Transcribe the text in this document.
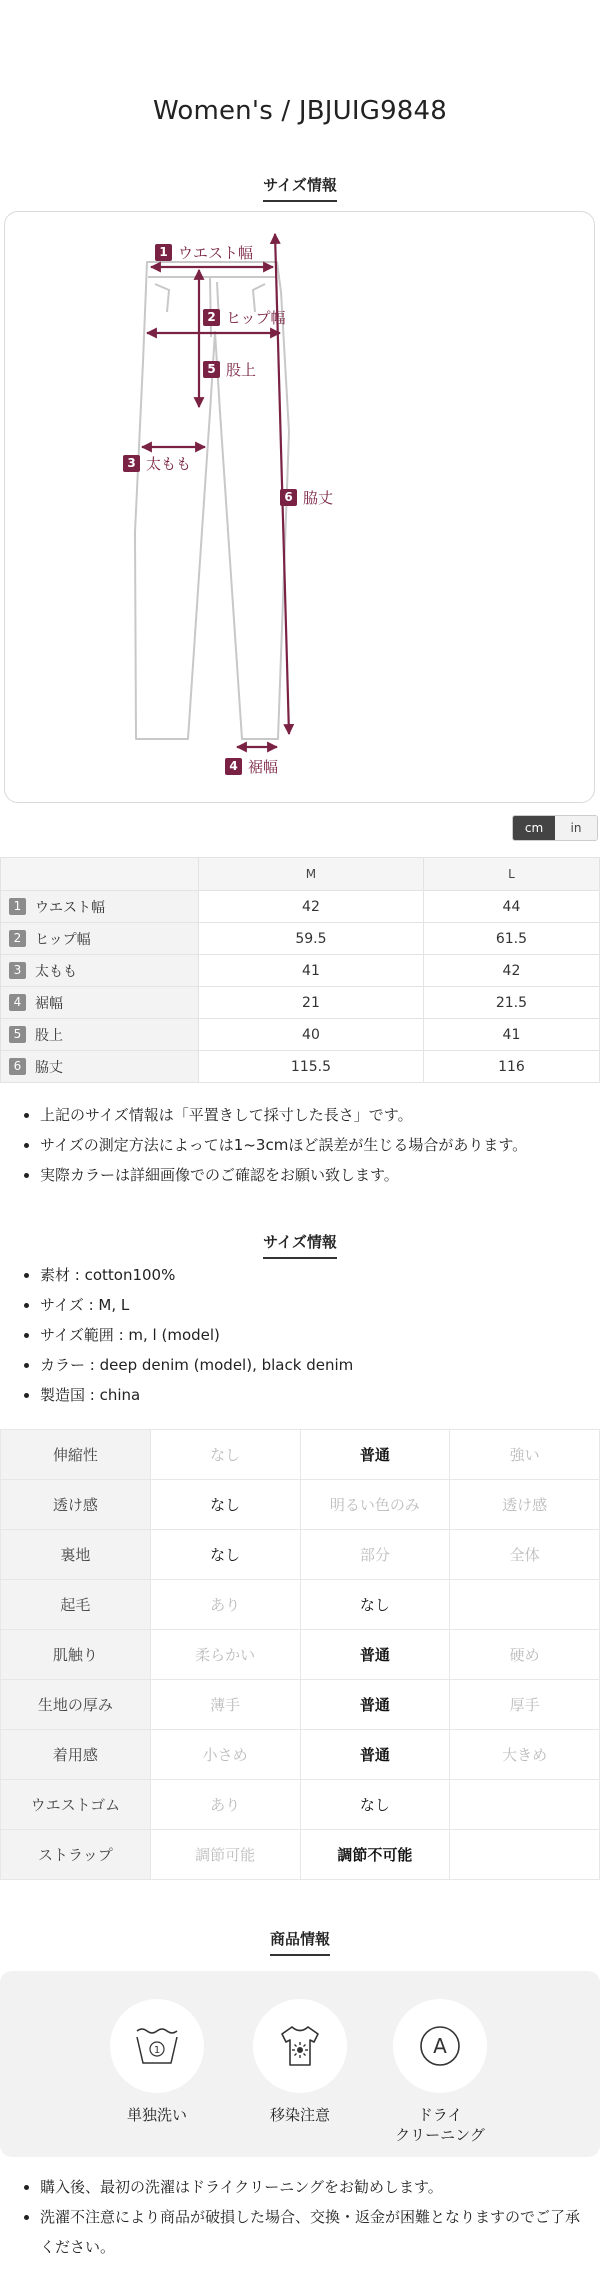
Women's / JBJUIG9848
サイズ情報
1 ウエスト幅
2 ヒップ幅
5 股上
3 太もも
6 脇丈
4 裾幅
cm	in
	M	L
1 ウエスト幅	42	44
2 ヒップ幅	59.5	61.5
3 太もも	41	42
4 裾幅	21	21.5
5 股上	40	41
6 脇丈	115.5	116
• 上記のサイズ情報は「平置きして採寸した長さ」です。
• サイズの測定方法によっては1~3cmほど誤差が生じる場合があります。
• 実際カラーは詳細画像でのご確認をお願い致します。
サイズ情報
• 素材 : cotton100%
• サイズ : M, L
• サイズ範囲 : m, l (model)
• カラー : deep denim (model), black denim
• 製造国 : china
伸縮性	なし	普通	強い
透け感	なし	明るい色のみ	透け感
裏地	なし	部分	全体
起毛	あり	なし	
肌触り	柔らかい	普通	硬め
生地の厚み	薄手	普通	厚手
着用感	小さめ	普通	大きめ
ウエストゴム	あり	なし	
ストラップ	調節可能	調節不可能	
商品情報
1
単独洗い	移染注意
A
ドライ
クリーニング
• 購入後、最初の洗濯はドライクリーニングをお勧めします。
• 洗濯不注意により商品が破損した場合、交換・返金が困難となりますのでご了承ください。
